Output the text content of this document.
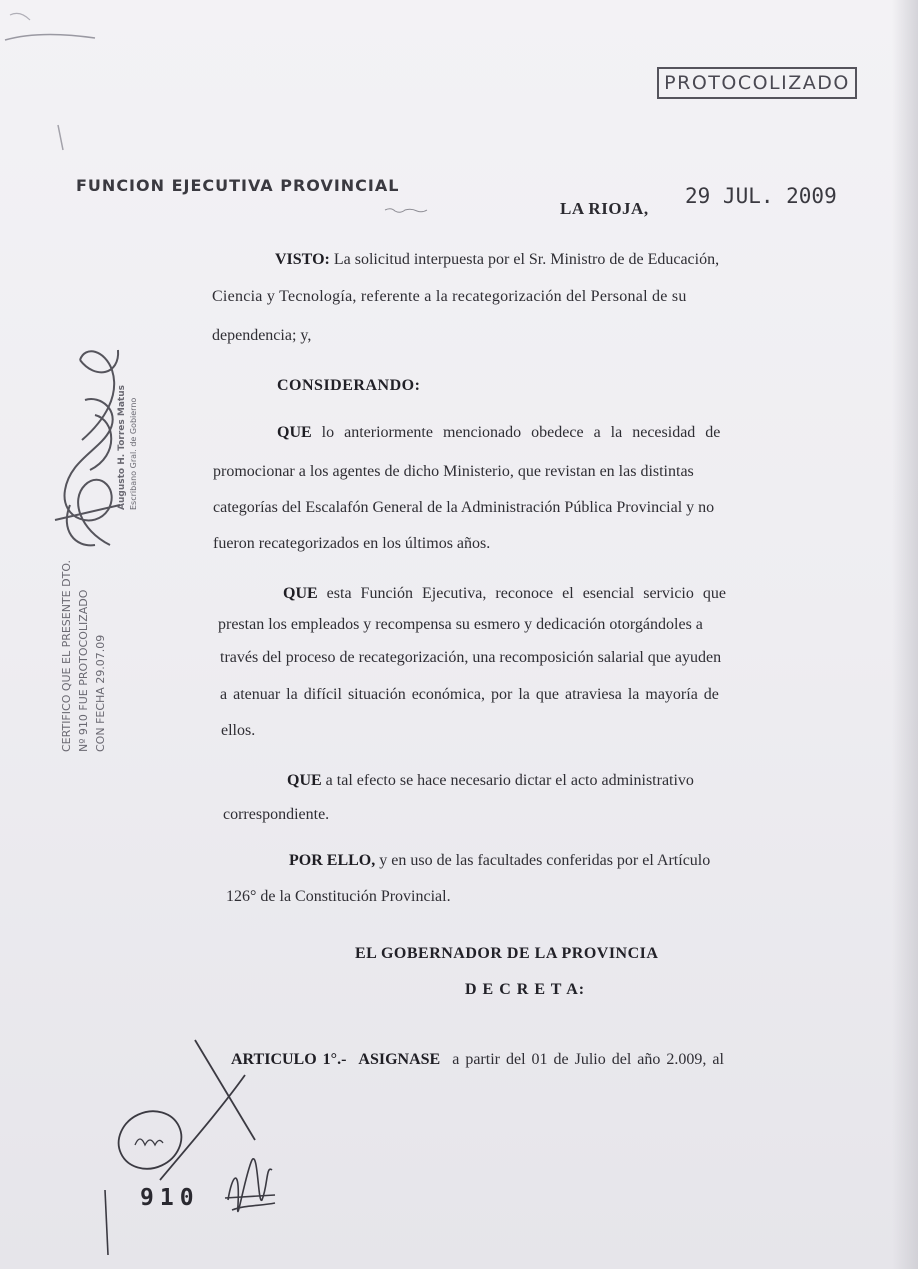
PROTOCOLIZADO
FUNCION EJECUTIVA PROVINCIAL
LA RIOJA,
29 JUL. 2009

VISTO: La solicitud interpuesta por el Sr. Ministro de de Educación,

Ciencia y Tecnología, referente a la recategorización del Personal de su

dependencia; y,

CONSIDERANDO:

QUE lo anteriormente mencionado obedece a la necesidad de

promocionar a los agentes de dicho Ministerio, que revistan en las distintas

categorías del Escalafón General de la Administración Pública Provincial y no

fueron recategorizados en los últimos años.

QUE esta Función Ejecutiva, reconoce el esencial servicio que

prestan los empleados y recompensa su esmero y dedicación otorgándoles a

través del proceso de recategorización, una recomposición salarial que ayuden

a atenuar la difícil situación económica, por la que atraviesa la mayoría de

ellos.

QUE a tal efecto se hace necesario dictar el acto administrativo

correspondiente.

POR ELLO, y en uso de las facultades conferidas por el Artículo

126° de la Constitución Provincial.

EL GOBERNADOR DE LA PROVINCIA
D E C R E T A:

ARTICULO 1°.- ASIGNASE a partir del 01 de Julio del año 2.009, al

CERTIFICO QUE EL PRESENTE DTO. Nº 910 FUE PROTOCOLIZADO CON FECHA 29.07.09
Augusto H. Torres Matus Escribano Gral. de Gobierno
910
